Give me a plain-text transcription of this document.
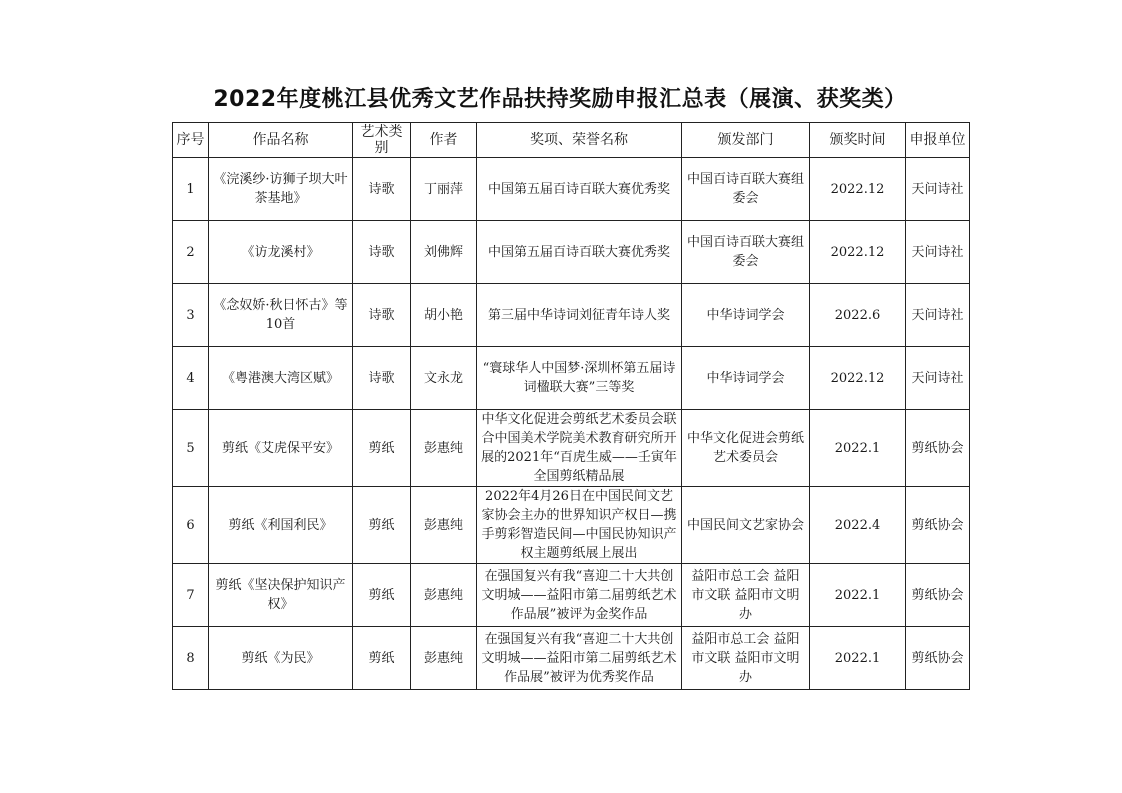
2022年度桃江县优秀文艺作品扶持奖励申报汇总表（展演、获奖类）
序号	作品名称	艺术类别	作者	奖项、荣誉名称	颁发部门	颁奖时间	申报单位
1	《浣溪纱·访狮子坝大叶茶基地》	诗歌	丁丽萍	中国第五届百诗百联大赛优秀奖	中国百诗百联大赛组委会	2022.12	天问诗社
2	《访龙溪村》	诗歌	刘佛辉	中国第五届百诗百联大赛优秀奖	中国百诗百联大赛组委会	2022.12	天问诗社
3	《念奴娇·秋日怀古》等10首	诗歌	胡小艳	第三届中华诗词刘征青年诗人奖	中华诗词学会	2022.6	天问诗社
4	《粤港澳大湾区赋》	诗歌	文永龙	“寰球华人中国梦·深圳杯第五届诗词楹联大赛”三等奖	中华诗词学会	2022.12	天问诗社
5	剪纸《艾虎保平安》	剪纸	彭惠纯	中华文化促进会剪纸艺术委员会联合中国美术学院美术教育研究所开展的2021年“百虎生威——壬寅年全国剪纸精品展	中华文化促进会剪纸艺术委员会	2022.1	剪纸协会
6	剪纸《利国利民》	剪纸	彭惠纯	2022年4月26日在中国民间文艺家协会主办的世界知识产权日—携手剪彩智造民间—中国民协知识产权主题剪纸展上展出	中国民间文艺家协会	2022.4	剪纸协会
7	剪纸《坚决保护知识产权》	剪纸	彭惠纯	在强国复兴有我“喜迎二十大共创文明城——益阳市第二届剪纸艺术作品展”被评为金奖作品	益阳市总工会 益阳市文联 益阳市文明办	2022.1	剪纸协会
8	剪纸《为民》	剪纸	彭惠纯	在强国复兴有我“喜迎二十大共创文明城——益阳市第二届剪纸艺术作品展”被评为优秀奖作品	益阳市总工会 益阳市文联 益阳市文明办	2022.1	剪纸协会
